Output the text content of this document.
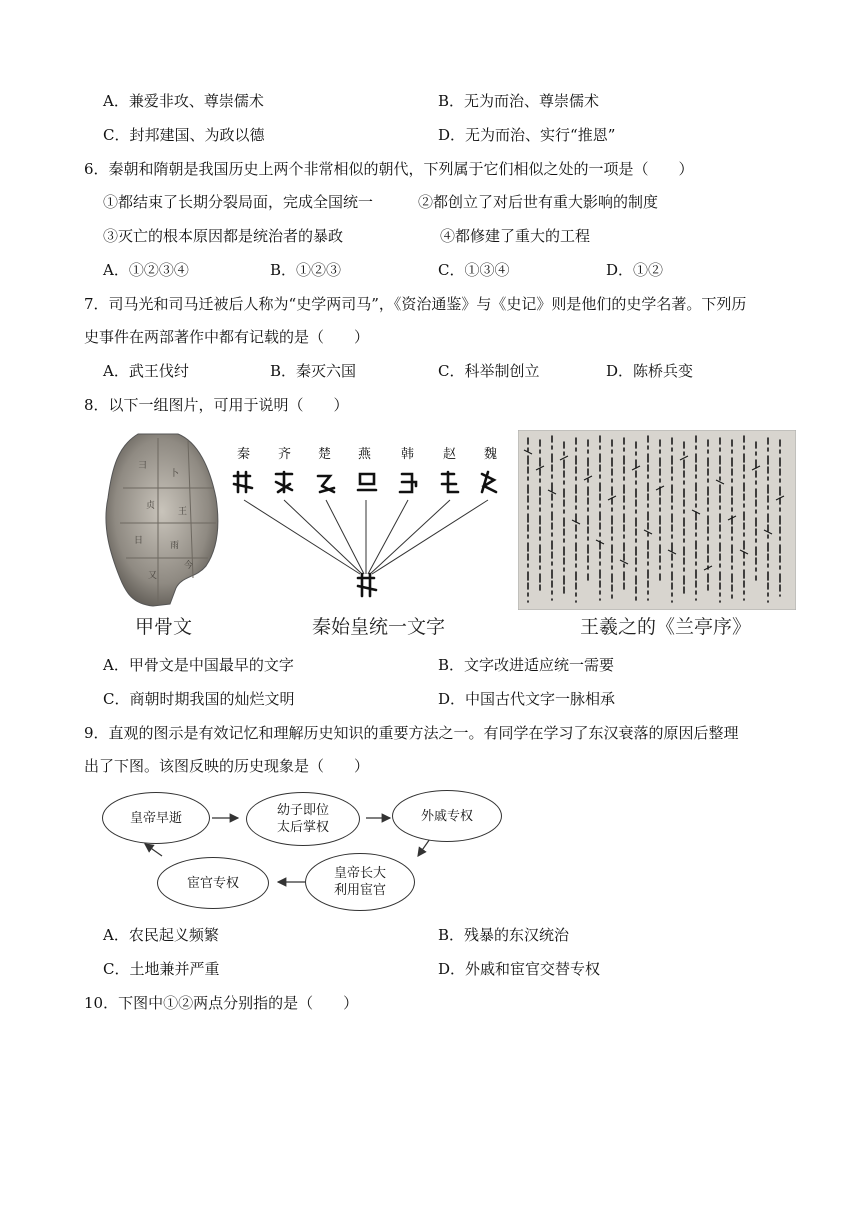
A．兼爱非攻、尊崇儒术	B．无为而治、尊崇儒术
C．封邦建国、为政以德	D．无为而治、实行“推恩”
6．秦朝和隋朝是我国历史上两个非常相似的朝代，下列属于它们相似之处的一项是（　　）
①都结束了长期分裂局面，完成全国统一	②都创立了对后世有重大影响的制度
③灭亡的根本原因都是统治者的暴政	④都修建了重大的工程
A．①②③④	B．①②③	C．①③④	D．①②
7．司马光和司马迁被后人称为“史学两司马”，《资治通鉴》与《史记》则是他们的史学名著。下列历
史事件在两部著作中都有记载的是（　　）
A．武王伐纣	B．秦灭六国	C．科举制创立	D．陈桥兵变
8．以下一组图片，可用于说明（　　）
⺕
卜
贞
王
日	雨
又
今
甲骨文
秦 齐 楚 燕 韩 赵 魏
秦始皇统一文字	王羲之的《兰亭序》
A．甲骨文是中国最早的文字	B．文字改进适应统一需要
C．商朝时期我国的灿烂文明	D．中国古代文字一脉相承
9．直观的图示是有效记忆和理解历史知识的重要方法之一。有同学在学习了东汉衰落的原因后整理
出了下图。该图反映的历史现象是（　　）
皇帝早逝	幼子即位
太后掌权
外戚专权
皇帝长大
利用宦官
宦官专权
A．农民起义频繁	B．残暴的东汉统治
C．土地兼并严重	D．外戚和宦官交替专权
10．下图中①②两点分别指的是（　　）
